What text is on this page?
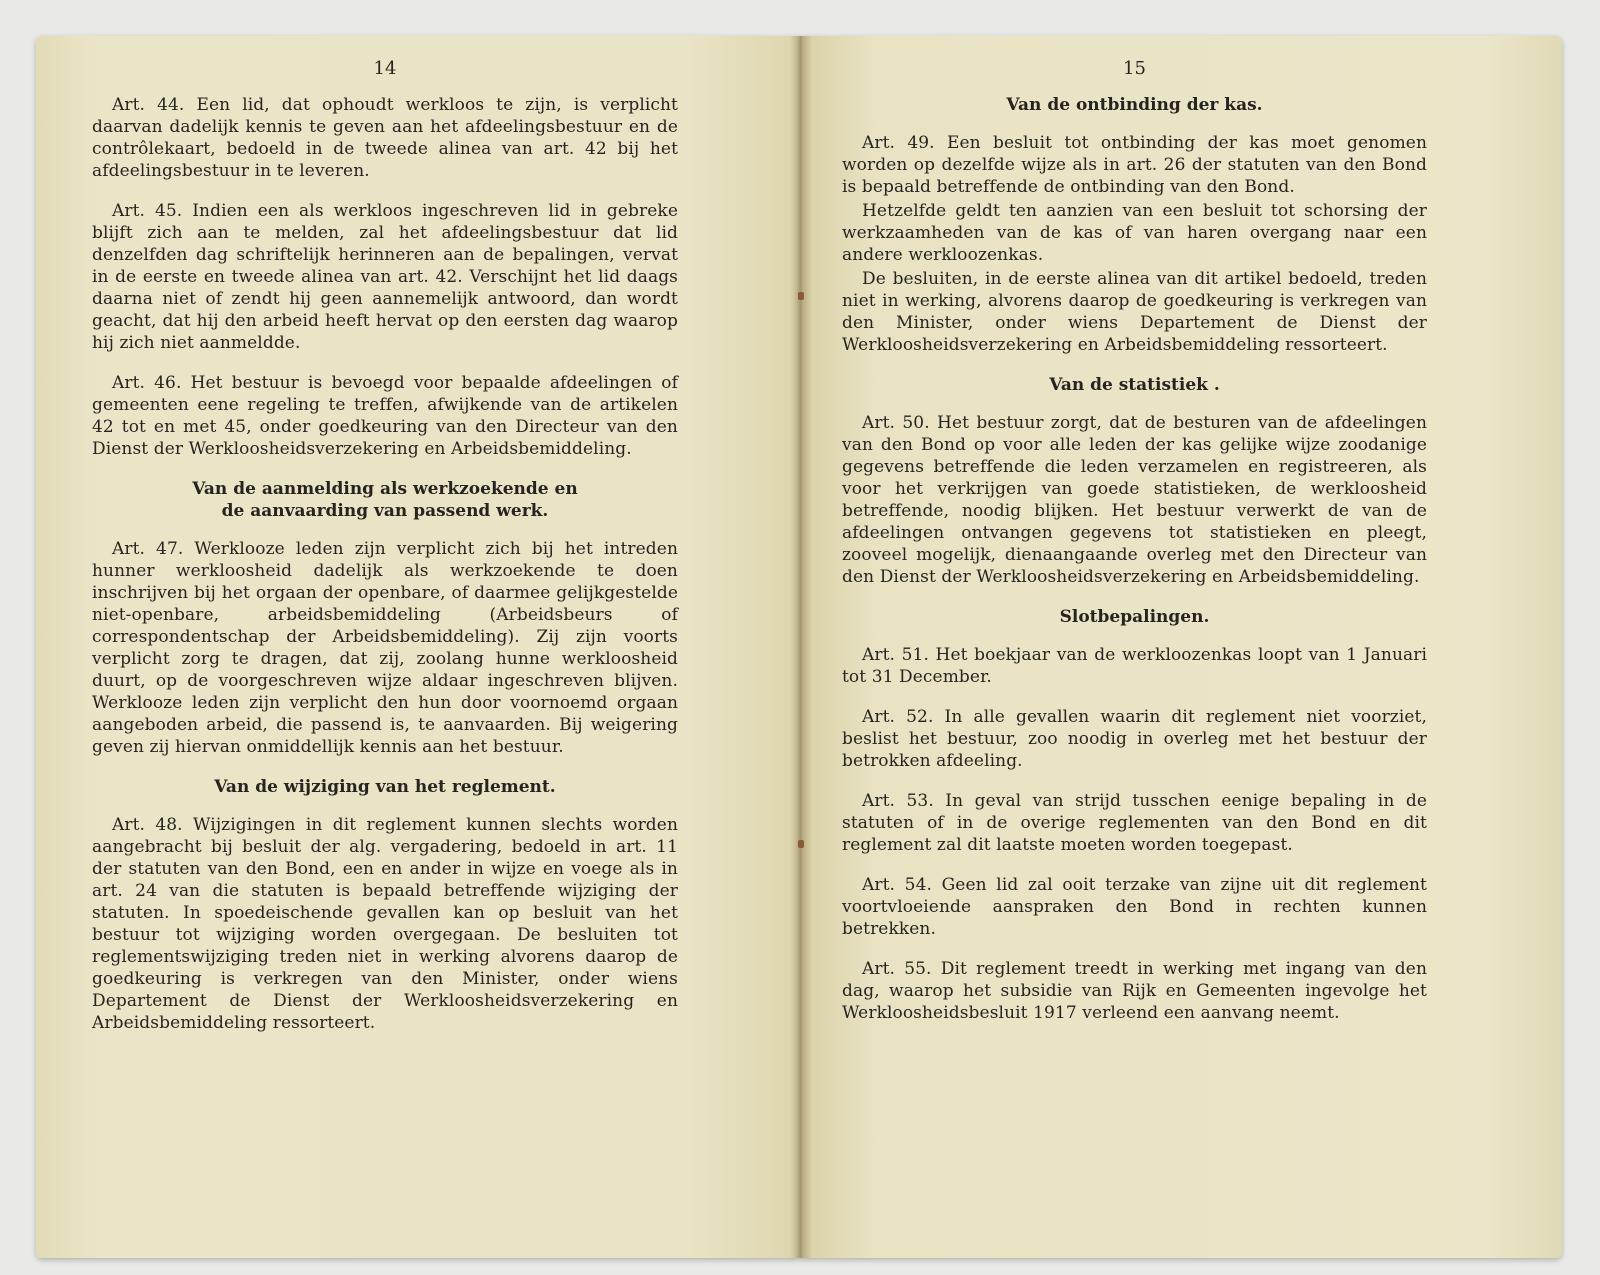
14

Art. 44. Een lid, dat ophoudt werkloos te zijn, is verplicht daarvan dadelijk kennis te geven aan het afdeelingsbestuur en de contrôlekaart, bedoeld in de tweede alinea van art. 42 bij het afdeelingsbestuur in te leveren.

Art. 45. Indien een als werkloos ingeschreven lid in gebreke blijft zich aan te melden, zal het afdeelingsbestuur dat lid denzelfden dag schriftelijk herinneren aan de bepalingen, vervat in de eerste en tweede alinea van art. 42. Verschijnt het lid daags daarna niet of zendt hij geen aannemelijk antwoord, dan wordt geacht, dat hij den arbeid heeft hervat op den eersten dag waarop hij zich niet aanmeldde.

Art. 46. Het bestuur is bevoegd voor bepaalde afdeelingen of gemeenten eene regeling te treffen, afwijkende van de artikelen 42 tot en met 45, onder goedkeuring van den Directeur van den Dienst der Werkloosheidsverzekering en Arbeidsbemiddeling.

Van de aanmelding als werkzoekende en
de aanvaarding van passend werk.

Art. 47. Werklooze leden zijn verplicht zich bij het intreden hunner werkloosheid dadelijk als werkzoekende te doen inschrijven bij het orgaan der openbare, of daarmee gelijkgestelde niet-openbare, arbeidsbemiddeling (Arbeidsbeurs of correspondentschap der Arbeidsbemiddeling). Zij zijn voorts verplicht zorg te dragen, dat zij, zoolang hunne werkloosheid duurt, op de voorgeschreven wijze aldaar ingeschreven blijven. Werklooze leden zijn verplicht den hun door voornoemd orgaan aangeboden arbeid, die passend is, te aanvaarden. Bij weigering geven zij hiervan onmiddellijk kennis aan het bestuur.

Van de wijziging van het reglement.

Art. 48. Wijzigingen in dit reglement kunnen slechts worden aangebracht bij besluit der alg. vergadering, bedoeld in art. 11 der statuten van den Bond, een en ander in wijze en voege als in art. 24 van die statuten is bepaald betreffende wijziging der statuten. In spoedeischende gevallen kan op besluit van het bestuur tot wijziging worden overgegaan. De besluiten tot reglementswijziging treden niet in werking alvorens daarop de goedkeuring is verkregen van den Minister, onder wiens Departement de Dienst der Werkloosheidsverzekering en Arbeidsbemiddeling ressorteert.

15
Van de ontbinding der kas.

Art. 49. Een besluit tot ontbinding der kas moet genomen worden op dezelfde wijze als in art. 26 der statuten van den Bond is bepaald betreffende de ontbinding van den Bond.

Hetzelfde geldt ten aanzien van een besluit tot schorsing der werkzaamheden van de kas of van haren overgang naar een andere werkloozenkas.

De besluiten, in de eerste alinea van dit artikel bedoeld, treden niet in werking, alvorens daarop de goedkeuring is verkregen van den Minister, onder wiens Departement de Dienst der Werkloosheidsverzekering en Arbeidsbemiddeling ressorteert.

Van de statistiek .

Art. 50. Het bestuur zorgt, dat de besturen van de afdeelingen van den Bond op voor alle leden der kas gelijke wijze zoodanige gegevens betreffende die leden verzamelen en registreeren, als voor het verkrijgen van goede statistieken, de werkloosheid betreffende, noodig blijken. Het bestuur verwerkt de van de afdeelingen ontvangen gegevens tot statistieken en pleegt, zooveel mogelijk, dienaangaande overleg met den Directeur van den Dienst der Werkloosheidsverzekering en Arbeidsbemiddeling.

Slotbepalingen.

Art. 51. Het boekjaar van de werkloozenkas loopt van 1 Januari tot 31 December.

Art. 52. In alle gevallen waarin dit reglement niet voorziet, beslist het bestuur, zoo noodig in overleg met het bestuur der betrokken afdeeling.

Art. 53. In geval van strijd tusschen eenige bepaling in de statuten of in de overige reglementen van den Bond en dit reglement zal dit laatste moeten worden toegepast.

Art. 54. Geen lid zal ooit terzake van zijne uit dit reglement voortvloeiende aanspraken den Bond in rechten kunnen betrekken.

Art. 55. Dit reglement treedt in werking met ingang van den dag, waarop het subsidie van Rijk en Gemeenten ingevolge het Werkloosheidsbesluit 1917 verleend een aanvang neemt.
